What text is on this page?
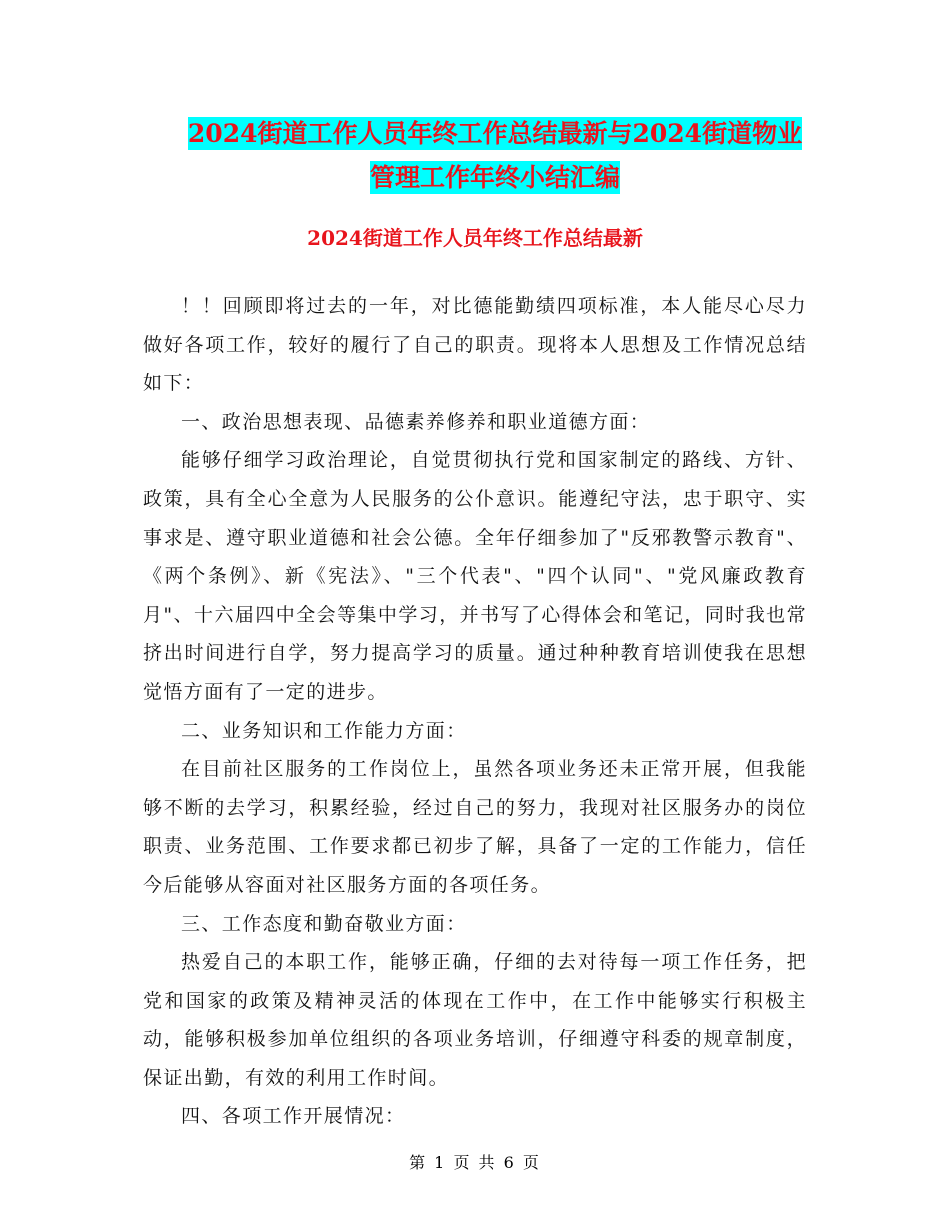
2024街道工作人员年终工作总结最新与2024街道物业
管理工作年终小结汇编
2024街道工作人员年终工作总结最新

！！回顾即将过去的一年，对比德能勤绩四项标准，本人能尽心尽力做好各项工作，较好的履行了自己的职责。现将本人思想及工作情况总结如下：

一、政治思想表现、品德素养修养和职业道德方面：

能够仔细学习政治理论，自觉贯彻执行党和国家制定的路线、方针、政策，具有全心全意为人民服务的公仆意识。能遵纪守法，忠于职守、实事求是、遵守职业道德和社会公德。全年仔细参加了"反邪教警示教育"、《两个条例》、新《宪法》、"三个代表"、"四个认同"、"党风廉政教育月"、十六届四中全会等集中学习，并书写了心得体会和笔记，同时我也常挤出时间进行自学，努力提高学习的质量。通过种种教育培训使我在思想觉悟方面有了一定的进步。

二、业务知识和工作能力方面：

在目前社区服务的工作岗位上，虽然各项业务还未正常开展，但我能够不断的去学习，积累经验，经过自己的努力，我现对社区服务办的岗位职责、业务范围、工作要求都已初步了解，具备了一定的工作能力，信任今后能够从容面对社区服务方面的各项任务。

三、工作态度和勤奋敬业方面：

热爱自己的本职工作，能够正确，仔细的去对待每一项工作任务，把党和国家的政策及精神灵活的体现在工作中，在工作中能够实行积极主动，能够积极参加单位组织的各项业务培训，仔细遵守科委的规章制度，保证出勤，有效的利用工作时间。

四、各项工作开展情况：

第 1 页 共 6 页
